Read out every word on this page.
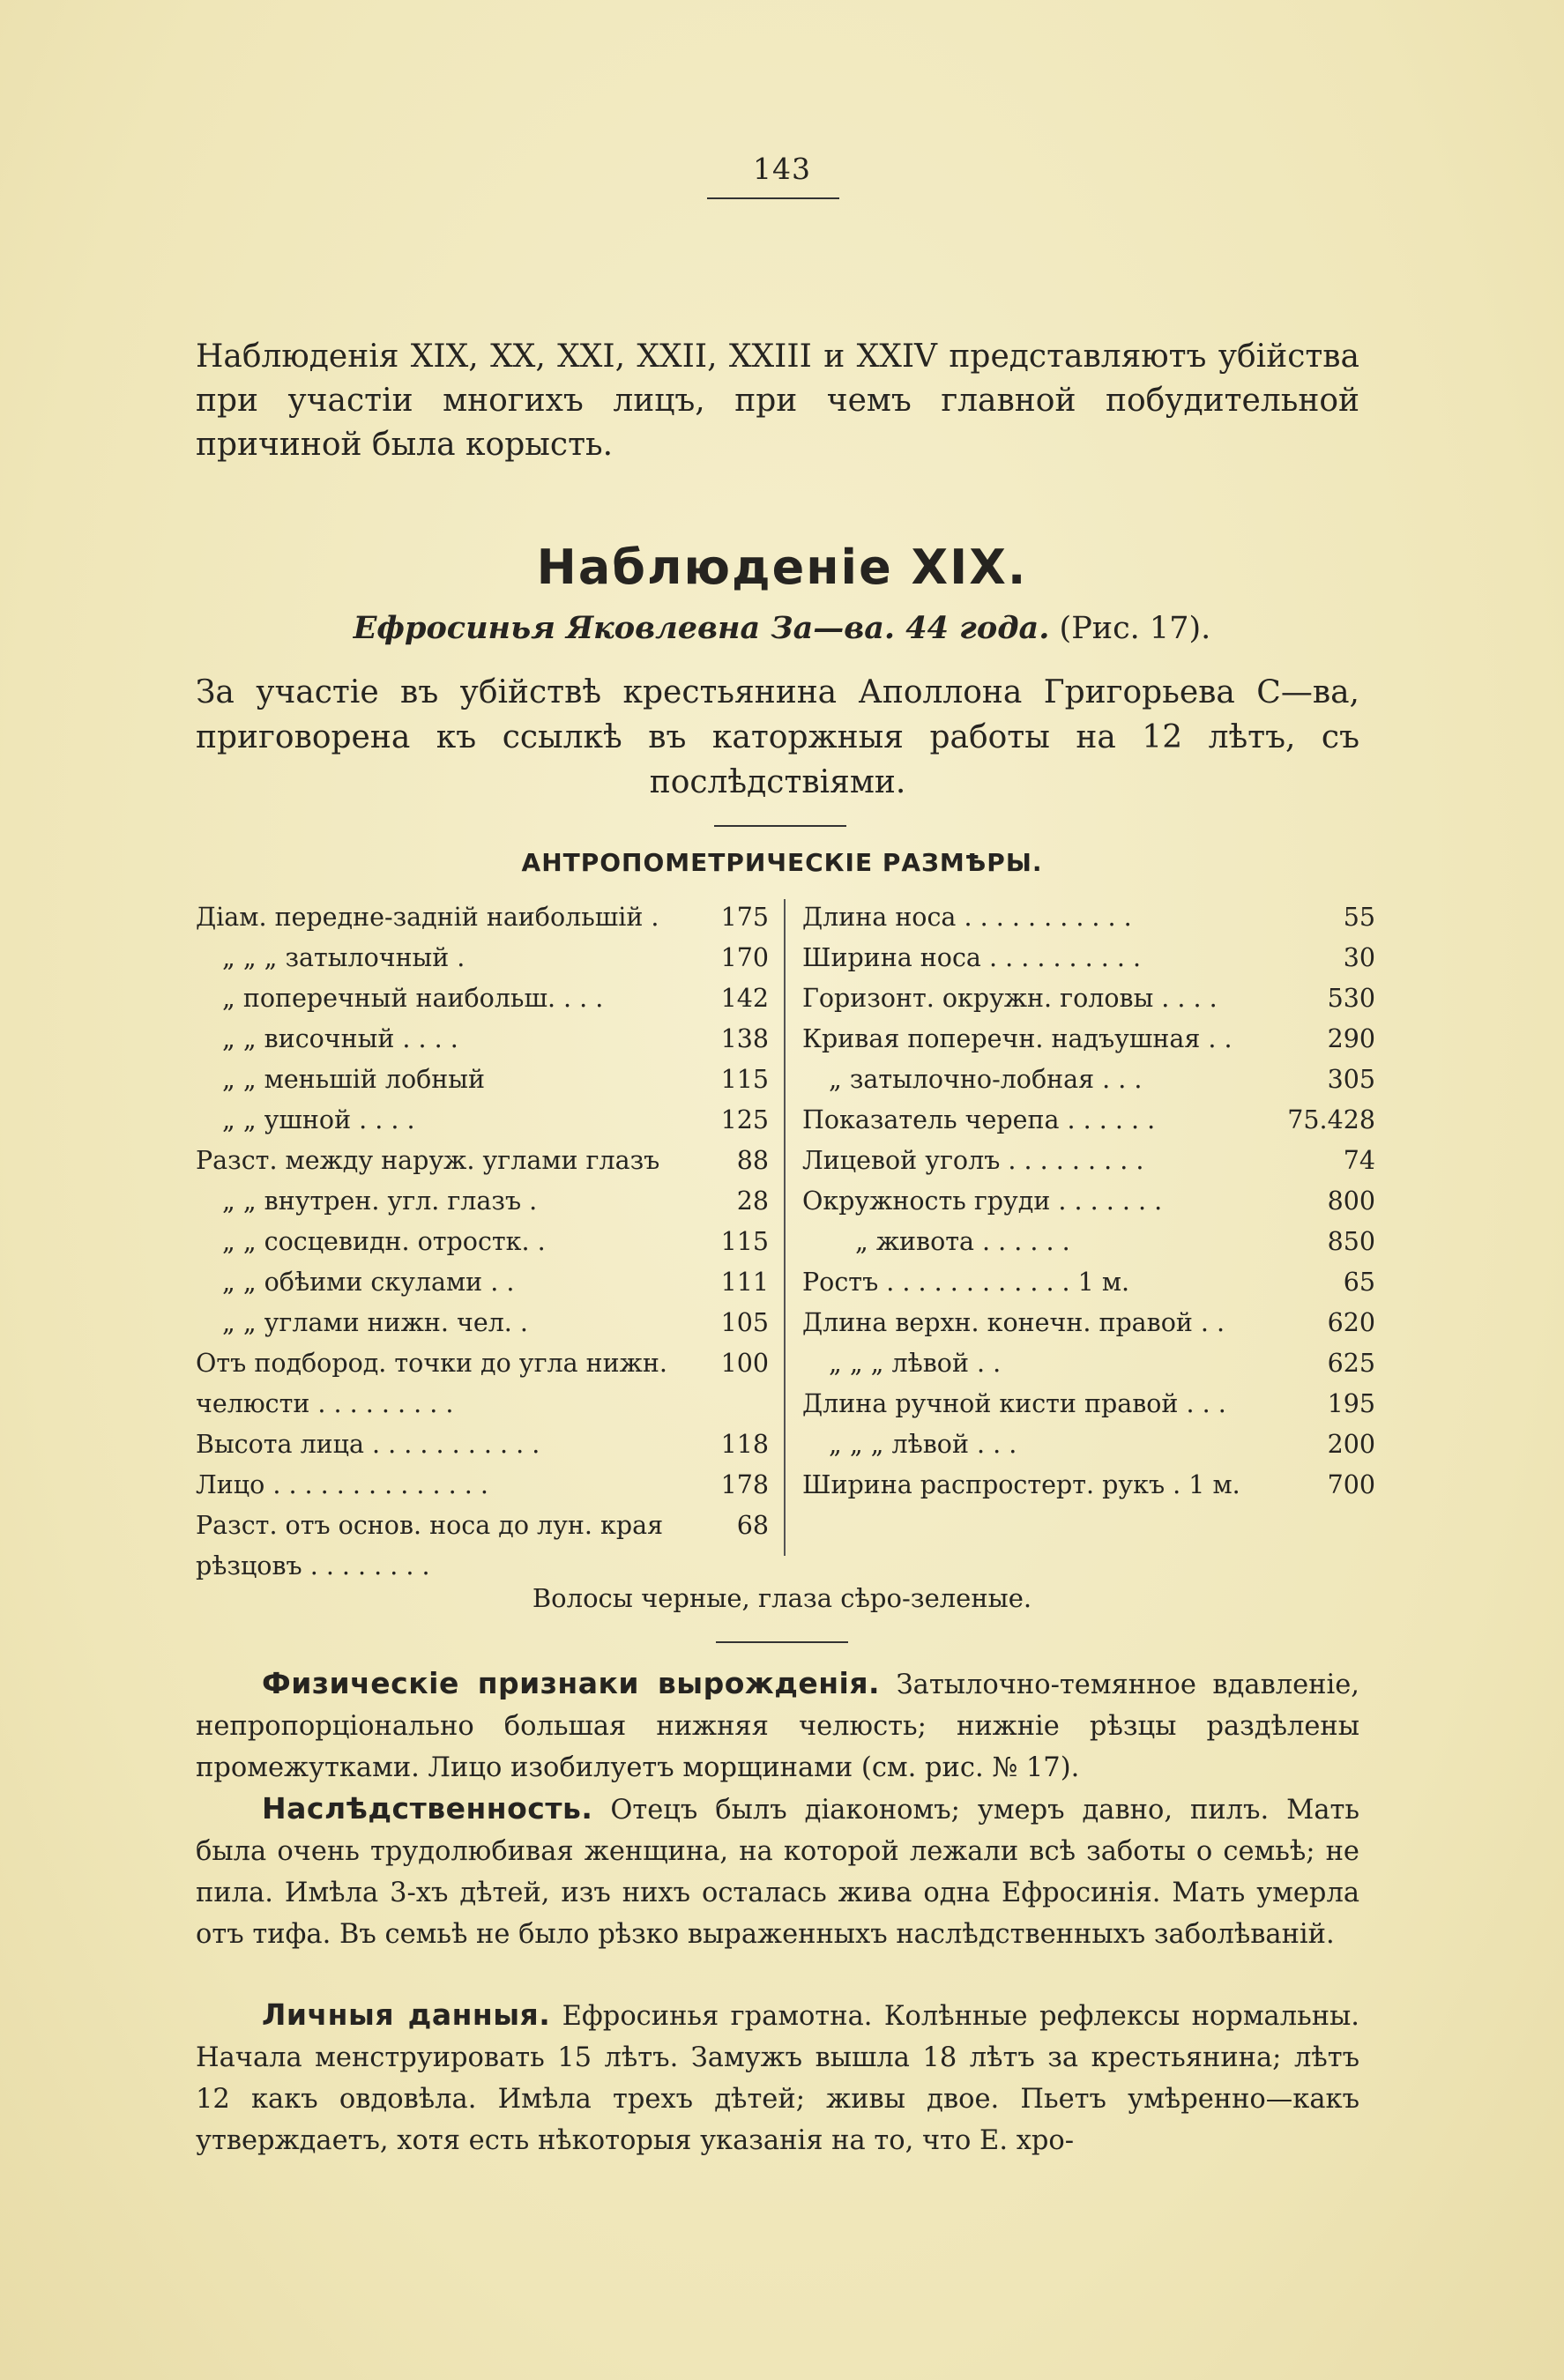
143
Наблюденія XIX, XX, XXI, XXII, XXIII и XXIV представляютъ убійства при участіи многихъ лицъ, при чемъ главной побудительной причиной была корысть.
Наблюденіе XIX.
Ефросинья Яковлевна За—ва. 44 года. (Рис. 17).
За участіе въ убійствѣ крестьянина Аполлона Григорьева С—ва,
приговорена къ ссылкѣ въ каторжныя работы на 12 лѣтъ, съ
послѣдствіями.
АНТРОПОМЕТРИЧЕСКІЕ РАЗМѢРЫ.
Діам. передне-задній наибольшій .	175
„ „ „ затылочный .	170
„ поперечный наибольш. . . .	142
„ „ височный . . . .	138
„ „ меньшій лобный	115
„ „ ушной . . . .	125
Разст. между наруж. углами глазъ	88
„ „ внутрен. угл. глазъ .	28
„ „ сосцевидн. отростк. .	115
„ „ обѣими скулами . .	111
„ „ углами нижн. чел. .	105
Отъ подбород. точки до угла нижн. челюсти . . . . . . . . .
100
Высота лица . . . . . . . . . . .	118
Лицо . . . . . . . . . . . . . .	178
Разст. отъ основ. носа до лун. края рѣзцовъ . . . . . . . .
68
Длина носа . . . . . . . . . . .	55
Ширина носа . . . . . . . . . .	30
Горизонт. окружн. головы . . . .	530
Кривая поперечн. надъушная . .	290
„ затылочно-лобная . . .	305
Показатель черепа . . . . . .	75.428
Лицевой уголъ . . . . . . . . .	74
Окружность груди . . . . . . .	800
„ живота . . . . . .	850
Ростъ . . . . . . . . . . . . 1 м.	65
Длина верхн. конечн. правой . .	620
„ „ „ лѣвой . .	625
Длина ручной кисти правой . . .	195
„ „ „ лѣвой . . .	200
Ширина распростерт. рукъ . 1 м.	700
Волосы черные, глаза сѣро-зеленые.
Физическіе признаки вырожденія. Затылочно-темянное вдавленіе, непропорціонально большая нижняя челюсть; нижніе рѣзцы раздѣлены промежутками. Лицо изобилуетъ морщинами (см. рис. № 17).
Наслѣдственность. Отецъ былъ діакономъ; умеръ давно, пилъ. Мать была очень трудолюбивая женщина, на которой лежали всѣ заботы о семьѣ; не пила. Имѣла 3-хъ дѣтей, изъ нихъ осталась жива одна Ефросинія. Мать умерла отъ тифа. Въ семьѣ не было рѣзко выраженныхъ наслѣдственныхъ заболѣваній.
Личныя данныя. Ефросинья грамотна. Колѣнные рефлексы нормальны. Начала менструировать 15 лѣтъ. Замужъ вышла 18 лѣтъ за крестьянина; лѣтъ 12 какъ овдовѣла. Имѣла трехъ дѣтей; живы двое. Пьетъ умѣренно—какъ утверждаетъ, хотя есть нѣкоторыя указанія на то, что Е. хро-
